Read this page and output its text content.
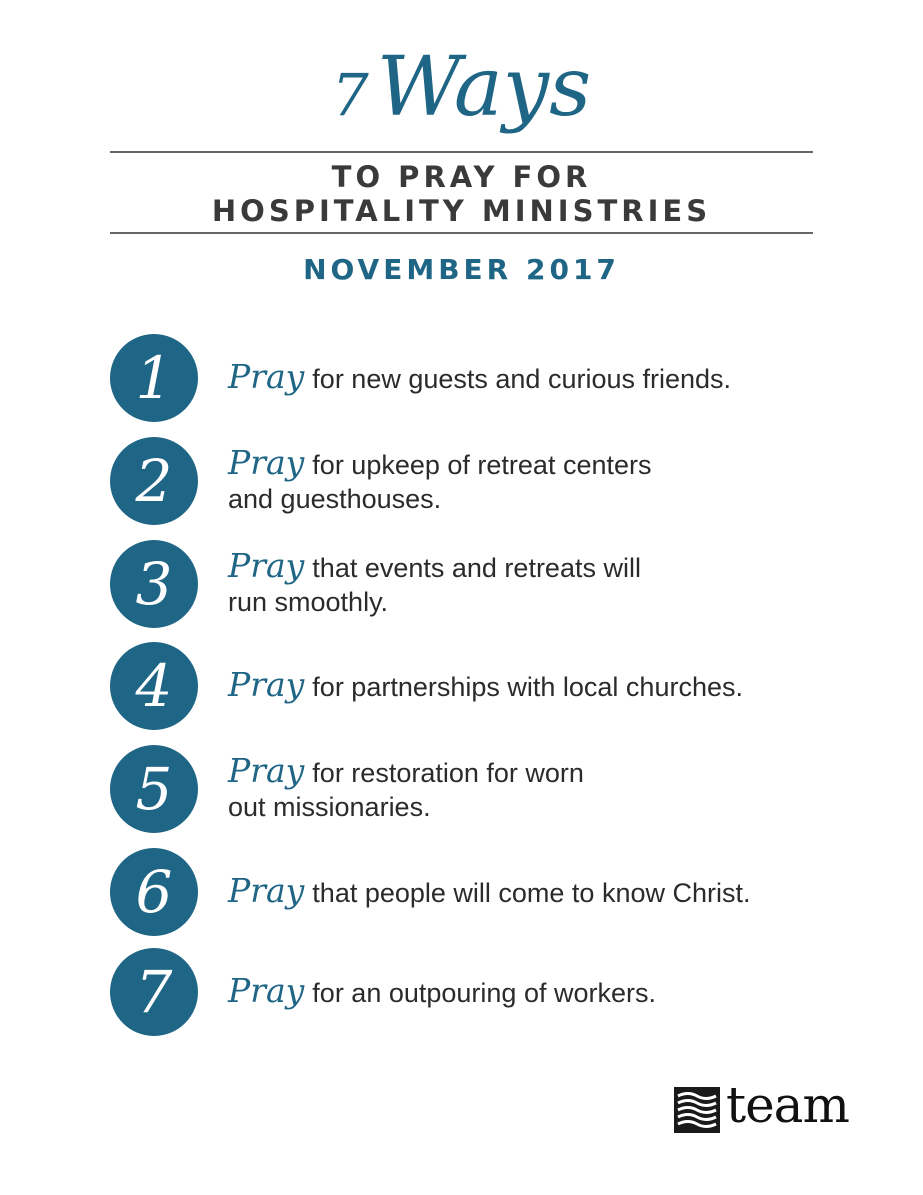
7Ways
TO PRAY FOR
HOSPITALITY MINISTRIES
NOVEMBER 2017
1	Pray for new guests and curious friends.
2	Pray for upkeep of retreat centers
and guesthouses.
3	Pray that events and retreats will
run smoothly.
4	Pray for partnerships with local churches.
5	Pray for restoration for worn
out missionaries.
6	Pray that people will come to know Christ.
7	Pray for an outpouring of workers.
team
